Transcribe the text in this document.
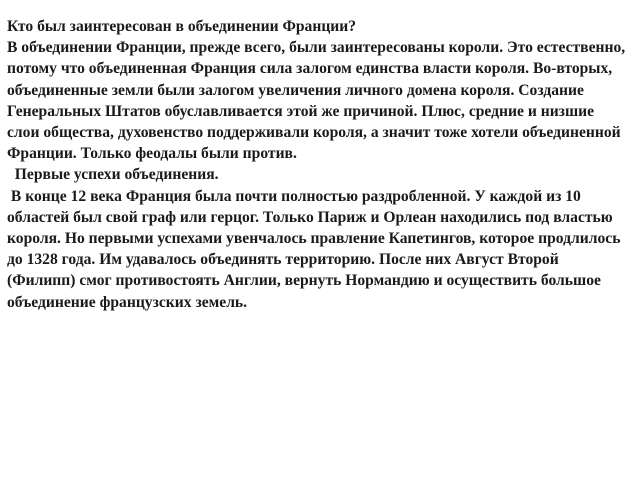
Кто был заинтересован в объединении Франции?

В объединении Франции, прежде всего, были заинтересованы короли. Это естественно, потому что объединенная Франция сила залогом единства власти короля. Во-вторых, объединенные земли были залогом увеличения личного домена короля. Создание Генеральных Штатов обуславливается этой же причиной. Плюс, средние и низшие слои общества, духовенство поддерживали короля, а значит тоже хотели объединенной Франции. Только феодалы были против.

Первые успехи объединения.

В конце 12 века Франция была почти полностью раздробленной. У каждой из 10 областей был свой граф или герцог. Только Париж и Орлеан находились под властью короля. Но первыми успехами увенчалось правление Капетингов, которое продлилось до 1328 года. Им удавалось объединять территорию. После них Август Второй (Филипп) смог противостоять Англии, вернуть Нормандию и осуществить большое объединение французских земель.
